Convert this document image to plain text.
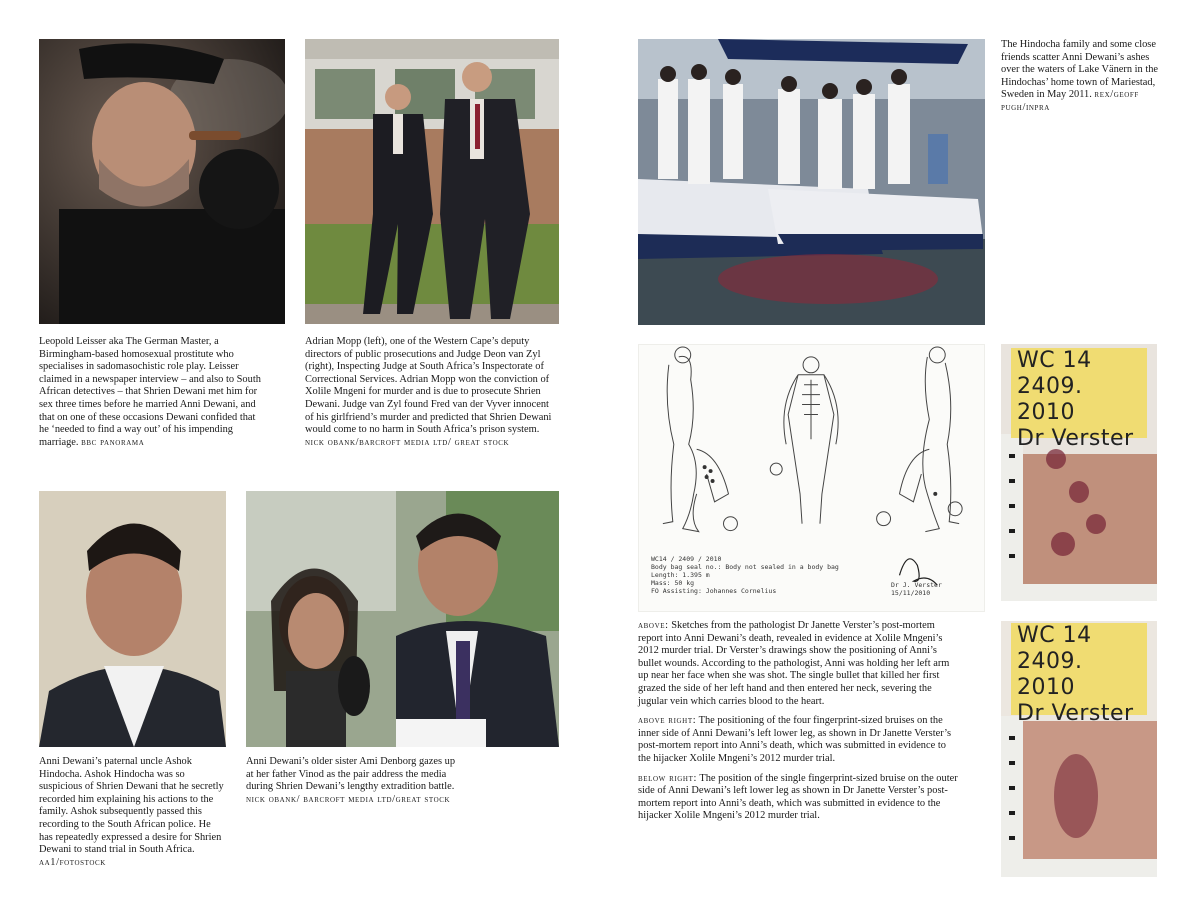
Leopold Leisser aka The German Master, a Birmingham-based homosexual prostitute who specialises in sadomasochistic role play. Leisser claimed in a newspaper interview – and also to South African detectives – that Shrien Dewani met him for sex three times before he married Anni Dewani, and that on one of these occasions Dewani confided that he ‘needed to find a way out’ of his impending marriage. bbc panorama
Adrian Mopp (left), one of the Western Cape’s deputy directors of public prosecutions and Judge Deon van Zyl (right), Inspecting Judge at South Africa’s Inspectorate of Correctional Services. Adrian Mopp won the conviction of Xolile Mngeni for murder and is due to prosecute Shrien Dewani. Judge van Zyl found Fred van der Vyver innocent of his girlfriend’s murder and predicted that Shrien Dewani would come to no harm in South Africa’s prison system. nick obank/barcroft media ltd/ great stock
Anni Dewani’s paternal uncle Ashok Hindocha. Ashok Hindocha was so suspicious of Shrien Dewani that he secretly recorded him explaining his actions to the family. Ashok subsequently passed this recording to the South African police. He has repeatedly expressed a desire for Shrien Dewani to stand trial in South Africa.
aa1/fotostock
Anni Dewani’s older sister Ami Denborg gazes up at her father Vinod as the pair address the media during Shrien Dewani’s lengthy extradition battle. nick obank/ barcroft media ltd/great stock
The Hindocha family and some close friends scatter Anni Dewani’s ashes over the waters of Lake Vänern in the Hindochas’ home town of Mariestad, Sweden in May 2011. rex/geoff pugh/inpra
WC14 / 2409 / 2010
Body bag seal no.: Body not sealed in a body bag
Length: 1.395 m
Mass: 50 kg
FO Assisting: Johannes Cornelius
Dr J. Verster
15/11/2010
WC 14
2409. 2010
Dr Verster
WC 14
2409. 2010
Dr Verster

above: Sketches from the pathologist Dr Janette Verster’s post-mortem report into Anni Dewani’s death, revealed in evidence at Xolile Mngeni’s 2012 murder trial. Dr Verster’s drawings show the positioning of Anni’s bullet wounds. According to the pathologist, Anni was holding her left arm up near her face when she was shot. The single bullet that killed her first grazed the side of her left hand and then entered her neck, severing the jugular vein which carries blood to the heart.

above right: The positioning of the four fingerprint-sized bruises on the inner side of Anni Dewani’s left lower leg, as shown in Dr Janette Verster’s post-mortem report into Anni’s death, which was submitted in evidence to the hijacker Xolile Mngeni’s 2012 murder trial.

below right: The position of the single fingerprint-sized bruise on the outer side of Anni Dewani’s left lower leg as shown in Dr Janette Verster’s post-mortem report into Anni’s death, which was submitted in evidence to the hijacker Xolile Mngeni’s 2012 murder trial.
